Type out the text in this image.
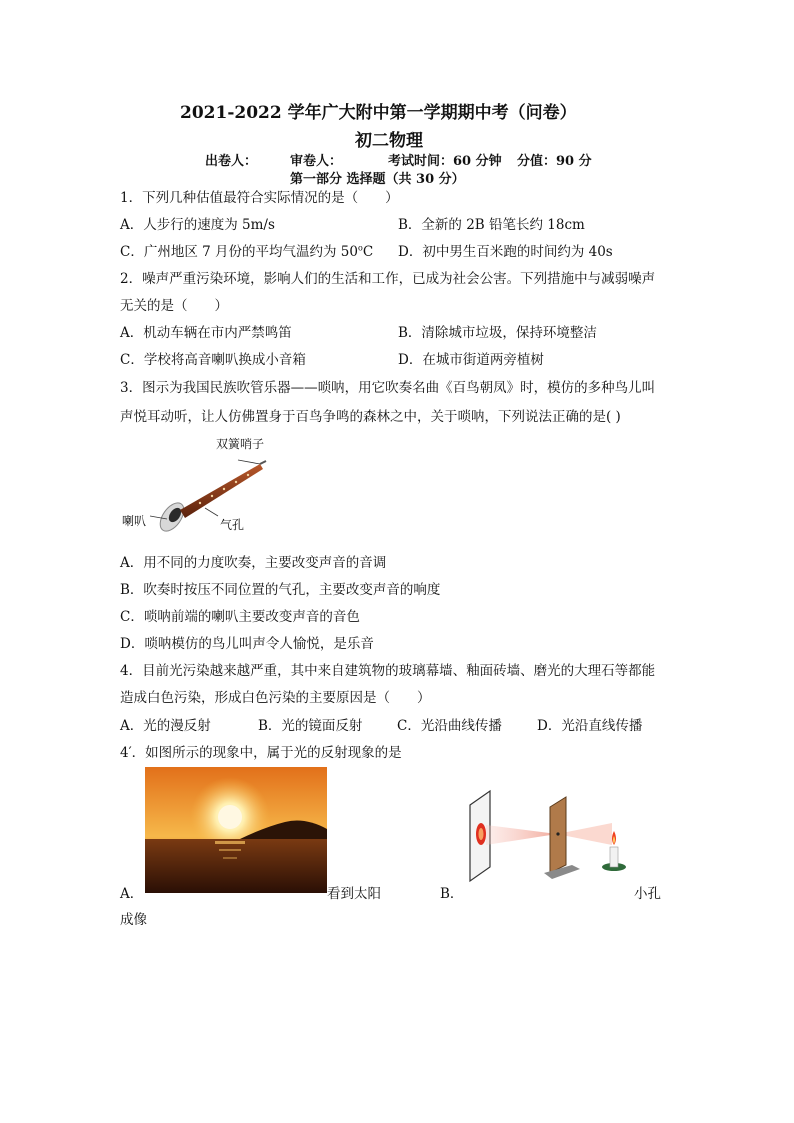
2021-2022 学年广大附中第一学期期中考（问卷）
初二物理
出卷人：	审卷人：	考试时间：60 分钟 分值：90 分
第一部分 选择题（共 30 分）
1．下列几种估值最符合实际情况的是（　　）
A．人步行的速度为 5m/s	B．全新的 2B 铅笔长约 18cm
C．广州地区 7 月份的平均气温约为 50$^o$C D．初中男生百米跑的时间约为 40s
2．噪声严重污染环境，影响人们的生活和工作，已成为社会公害。下列措施中与减弱噪声
无关的是（　　）
A．机动车辆在市内严禁鸣笛	B．清除城市垃圾，保持环境整洁
C．学校将高音喇叭换成小音箱	D．在城市街道两旁植树
3．图示为我国民族吹管乐器——唢呐，用它吹奏名曲《百鸟朝凤》时，模仿的多种鸟儿叫
声悦耳动听，让人仿佛置身于百鸟争鸣的森林之中，关于唢呐，下列说法正确的是( )
双簧哨子
喇叭	气孔
A．用不同的力度吹奏，主要改变声音的音调
B．吹奏时按压不同位置的气孔，主要改变声音的响度
C．唢呐前端的喇叭主要改变声音的音色
D．唢呐模仿的鸟儿叫声令人愉悦，是乐音
4．目前光污染越来越严重，其中来自建筑物的玻璃幕墙、釉面砖墙、磨光的大理石等都能
造成白色污染，形成白色污染的主要原因是（　　）
A．光的漫反射	B．光的镜面反射	C．光沿曲线传播	D．光沿直线传播
4′．如图所示的现象中，属于光的反射现象的是
A．	看到太阳	B．	小孔
成像
